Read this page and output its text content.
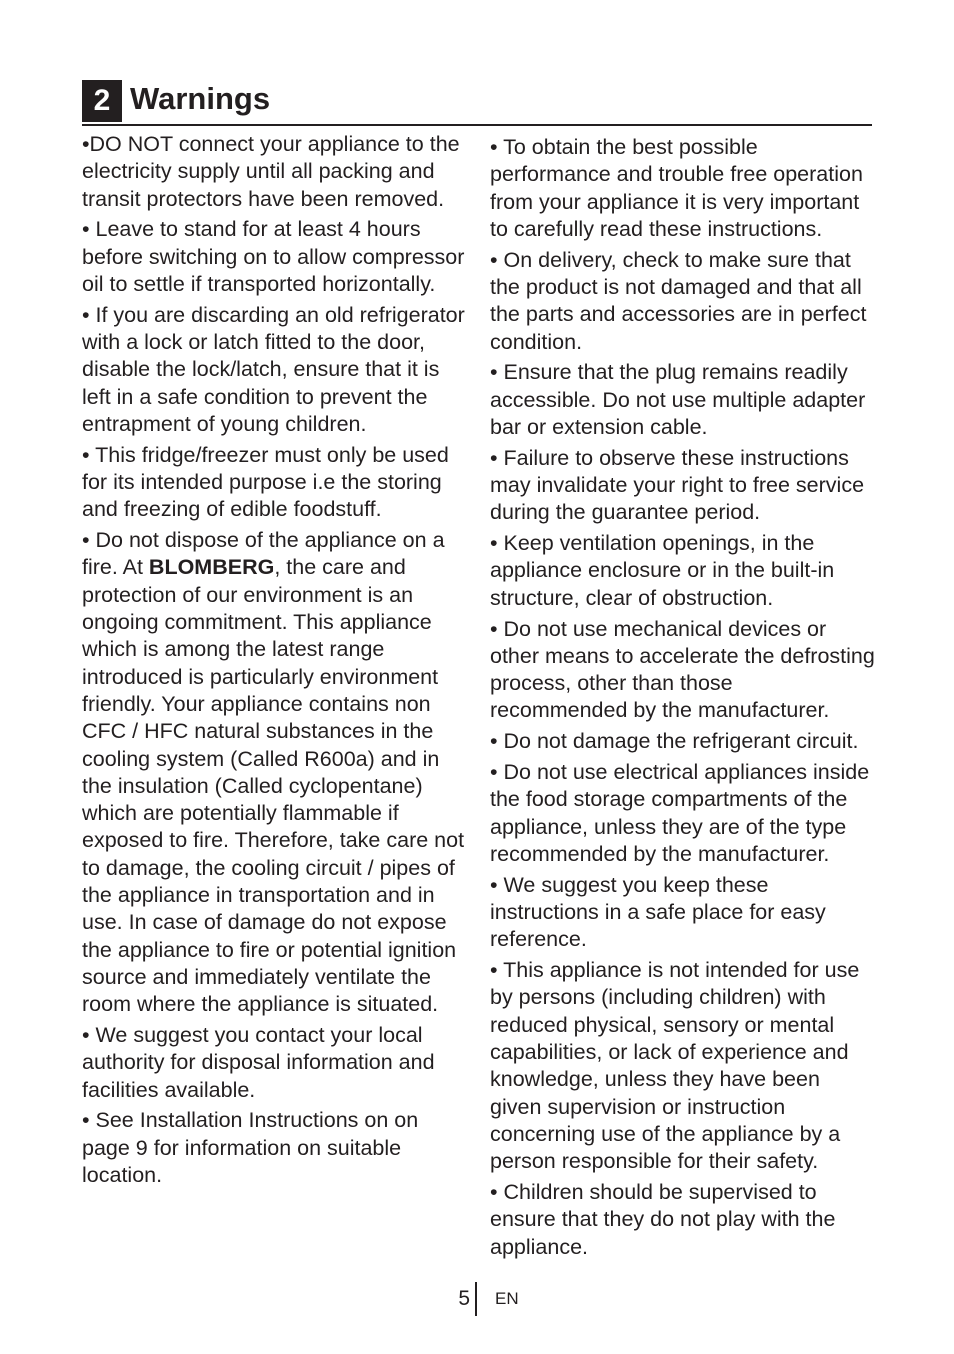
2 Warnings

•DO NOT connect your appliance to the electricity supply until all packing and transit protectors have been removed.

• Leave to stand for at least 4 hours before switching on to allow compressor oil to settle if transported horizontally.

• If you are discarding an old refrigerator with a lock or latch fitted to the door, disable the lock/latch, ensure that it is left in a safe condition to prevent the entrapment of young children.

• This fridge/freezer must only be used for its intended purpose i.e the storing and freezing of edible foodstuff.

• Do not dispose of the appliance on a fire. At BLOMBERG, the care and protection of our environment is an ongoing commitment. This appliance which is among the latest range introduced is particularly environment friendly. Your appliance contains non CFC / HFC natural substances in the cooling system (Called R600a) and in the insulation (Called cyclopentane) which are potentially flammable if exposed to fire. Therefore, take care not to damage, the cooling circuit / pipes of the appliance in transportation and in use. In case of damage do not expose the appliance to fire or potential ignition source and immediately ventilate the room where the appliance is situated.

• We suggest you contact your local authority for disposal information and facilities available.

• See Installation Instructions on on page 9 for information on suitable location.

• To obtain the best possible performance and trouble free operation from your appliance it is very important to carefully read these instructions.

• On delivery, check to make sure that the product is not damaged and that all the parts and accessories are in perfect condition.

• Ensure that the plug remains readily accessible. Do not use multiple adapter bar or extension cable.

• Failure to observe these instructions may invalidate your right to free service during the guarantee period.

• Keep ventilation openings, in the appliance enclosure or in the built-in structure, clear of obstruction.

• Do not use mechanical devices or other means to accelerate the defrosting process, other than those recommended by the manufacturer.

• Do not damage the refrigerant circuit.

• Do not use electrical appliances inside the food storage compartments of the appliance, unless they are of the type recommended by the manufacturer.

• We suggest you keep these instructions in a safe place for easy reference.

• This appliance is not intended for use by persons (including children) with reduced physical, sensory or mental capabilities, or lack of experience and knowledge, unless they have been given supervision or instruction concerning use of the appliance by a person responsible for their safety.

• Children should be supervised to ensure that they do not play with the appliance.

5 EN
